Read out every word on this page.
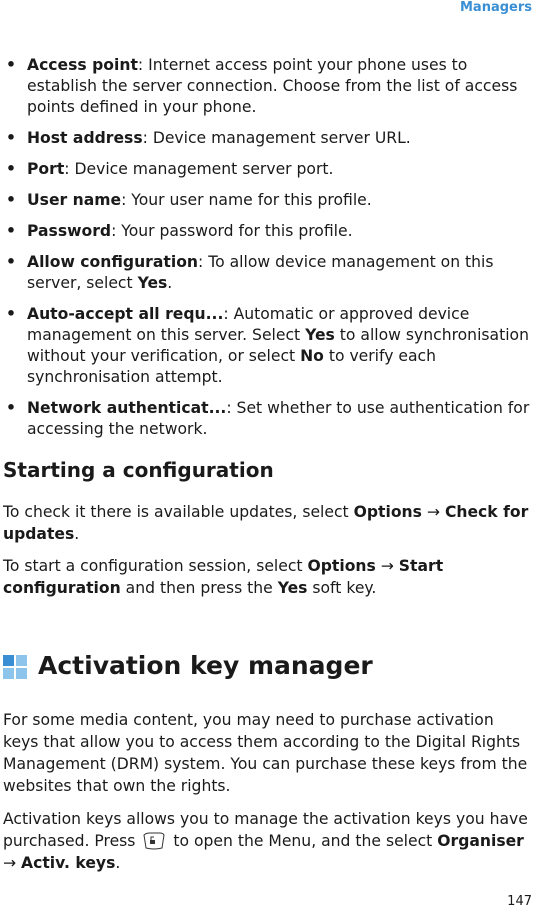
Managers
• Access point: Internet access point your phone uses to establish the server connection. Choose from the list of access points defined in your phone.
• Host address: Device management server URL.
• Port: Device management server port.
• User name: Your user name for this profile.
• Password: Your password for this profile.
• Allow configuration: To allow device management on this server, select Yes.
• Auto-accept all requ...: Automatic or approved device management on this server. Select Yes to allow synchronisation without your verification, or select No to verify each synchronisation attempt.
• Network authenticat...: Set whether to use authentication for accessing the network.
Starting a configuration

To check it there is available updates, select Options → Check for updates.

To start a configuration session, select Options → Start configuration and then press the Yes soft key.

Activation key manager

For some media content, you may need to purchase activation keys that allow you to access them according to the Digital Rights Management (DRM) system. You can purchase these keys from the websites that own the rights.

Activation keys allows you to manage the activation keys you have purchased. Press  to open the Menu, and the select Organiser → Activ. keys.

147
